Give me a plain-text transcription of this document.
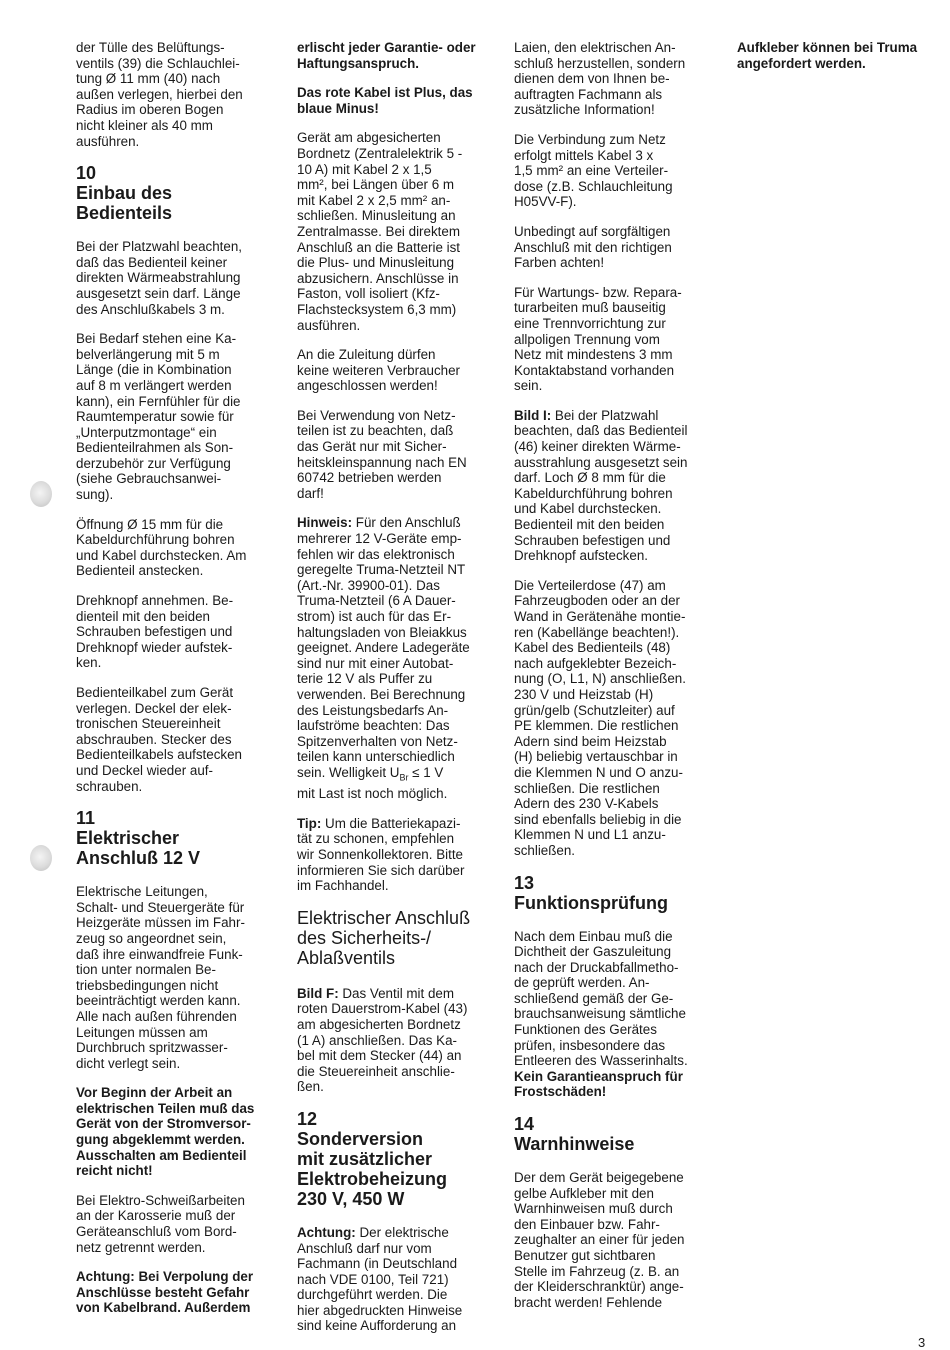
der Tülle des Belüftungs-
ventils (39) die Schlauchlei-
tung Ø 11 mm (40) nach
außen verlegen, hierbei den
Radius im oberen Bogen
nicht kleiner als 40 mm
ausführen.

10
Einbau des
Bedienteils

Bei der Platzwahl beachten,
daß das Bedienteil keiner
direkten Wärmeabstrahlung
ausgesetzt sein darf. Länge
des Anschlußkabels 3 m.

Bei Bedarf stehen eine Ka-
belverlängerung mit 5 m
Länge (die in Kombination
auf 8 m verlängert werden
kann), ein Fernfühler für die
Raumtemperatur sowie für
„Unterputzmontage“ ein
Bedienteilrahmen als Son-
derzubehör zur Verfügung
(siehe Gebrauchsanwei-
sung).

Öffnung Ø 15 mm für die
Kabeldurchführung bohren
und Kabel durchstecken. Am
Bedienteil anstecken.

Drehknopf annehmen. Be-
dienteil mit den beiden
Schrauben befestigen und
Drehknopf wieder aufstek-
ken.

Bedienteilkabel zum Gerät
verlegen. Deckel der elek-
tronischen Steuereinheit
abschrauben. Stecker des
Bedienteilkabels aufstecken
und Deckel wieder auf-
schrauben.

11
Elektrischer
Anschluß 12 V

Elektrische Leitungen,
Schalt- und Steuergeräte für
Heizgeräte müssen im Fahr-
zeug so angeordnet sein,
daß ihre einwandfreie Funk-
tion unter normalen Be-
triebsbedingungen nicht
beeinträchtigt werden kann.
Alle nach außen führenden
Leitungen müssen am
Durchbruch spritzwasser-
dicht verlegt sein.

Vor Beginn der Arbeit an
elektrischen Teilen muß das
Gerät von der Stromversor-
gung abgeklemmt werden.
Ausschalten am Bedienteil
reicht nicht!

Bei Elektro-Schweißarbeiten
an der Karosserie muß der
Geräteanschluß vom Bord-
netz getrennt werden.

Achtung: Bei Verpolung der
Anschlüsse besteht Gefahr
von Kabelbrand. Außerdem

erlischt jeder Garantie- oder
Haftungsanspruch.

Das rote Kabel ist Plus, das
blaue Minus!

Gerät am abgesicherten
Bordnetz (Zentralelektrik 5 -
10 A) mit Kabel 2 x 1,5
mm², bei Längen über 6 m
mit Kabel 2 x 2,5 mm² an-
schließen. Minusleitung an
Zentralmasse. Bei direktem
Anschluß an die Batterie ist
die Plus- und Minusleitung
abzusichern. Anschlüsse in
Faston, voll isoliert (Kfz-
Flachstecksystem 6,3 mm)
ausführen.

An die Zuleitung dürfen
keine weiteren Verbraucher
angeschlossen werden!

Bei Verwendung von Netz-
teilen ist zu beachten, daß
das Gerät nur mit Sicher-
heitskleinspannung nach EN
60742 betrieben werden
darf!

Hinweis: Für den Anschluß
mehrerer 12 V-Geräte emp-
fehlen wir das elektronisch
geregelte Truma-Netzteil NT
(Art.-Nr. 39900-01). Das
Truma-Netzteil (6 A Dauer-
strom) ist auch für das Er-
haltungsladen von Bleiakkus
geeignet. Andere Ladegeräte
sind nur mit einer Autobat-
terie 12 V als Puffer zu
verwenden. Bei Berechnung
des Leistungsbedarfs An-
laufströme beachten: Das
Spitzenverhalten von Netz-
teilen kann unterschiedlich
sein. Welligkeit $U_{Br} \le 1$ V
mit Last ist noch möglich.

Tip: Um die Batteriekapazi-
tät zu schonen, empfehlen
wir Sonnenkollektoren. Bitte
informieren Sie sich darüber
im Fachhandel.

Elektrischer Anschluß
des Sicherheits-/
Ablaßventils

Bild F: Das Ventil mit dem
roten Dauerstrom-Kabel (43)
am abgesicherten Bordnetz
(1 A) anschließen. Das Ka-
bel mit dem Stecker (44) an
die Steuereinheit anschlie-
ßen.

12
Sonderversion
mit zusätzlicher
Elektrobeheizung
230 V, 450 W

Achtung: Der elektrische
Anschluß darf nur vom
Fachmann (in Deutschland
nach VDE 0100, Teil 721)
durchgeführt werden. Die
hier abgedruckten Hinweise
sind keine Aufforderung an

Laien, den elektrischen An-
schluß herzustellen, sondern
dienen dem von Ihnen be-
auftragten Fachmann als
zusätzliche Information!

Die Verbindung zum Netz
erfolgt mittels Kabel 3 x
1,5 mm² an eine Verteiler-
dose (z.B. Schlauchleitung
H05VV-F).

Unbedingt auf sorgfältigen
Anschluß mit den richtigen
Farben achten!

Für Wartungs- bzw. Repara-
turarbeiten muß bauseitig
eine Trennvorrichtung zur
allpoligen Trennung vom
Netz mit mindestens 3 mm
Kontaktabstand vorhanden
sein.

Bild I: Bei der Platzwahl
beachten, daß das Bedienteil
(46) keiner direkten Wärme-
ausstrahlung ausgesetzt sein
darf. Loch Ø 8 mm für die
Kabeldurchführung bohren
und Kabel durchstecken.
Bedienteil mit den beiden
Schrauben befestigen und
Drehknopf aufstecken.

Die Verteilerdose (47) am
Fahrzeugboden oder an der
Wand in Gerätenähe montie-
ren (Kabellänge beachten!).
Kabel des Bedienteils (48)
nach aufgeklebter Bezeich-
nung (O, L1, N) anschließen.
230 V und Heizstab (H)
grün/gelb (Schutzleiter) auf
PE klemmen. Die restlichen
Adern sind beim Heizstab
(H) beliebig vertauschbar in
die Klemmen N und O anzu-
schließen. Die restlichen
Adern des 230 V-Kabels
sind ebenfalls beliebig in die
Klemmen N und L1 anzu-
schließen.

13
Funktionsprüfung

Nach dem Einbau muß die
Dichtheit der Gaszuleitung
nach der Druckabfallmetho-
de geprüft werden. An-
schließend gemäß der Ge-
brauchsanweisung sämtliche
Funktionen des Gerätes
prüfen, insbesondere das
Entleeren des Wasserinhalts.
Kein Garantieanspruch für
Frostschäden!

14
Warnhinweise

Der dem Gerät beigegebene
gelbe Aufkleber mit den
Warnhinweisen muß durch
den Einbauer bzw. Fahr-
zeughalter an einer für jeden
Benutzer gut sichtbaren
Stelle im Fahrzeug (z. B. an
der Kleiderschranktür) ange-
bracht werden! Fehlende

Aufkleber können bei Truma
angefordert werden.

3
